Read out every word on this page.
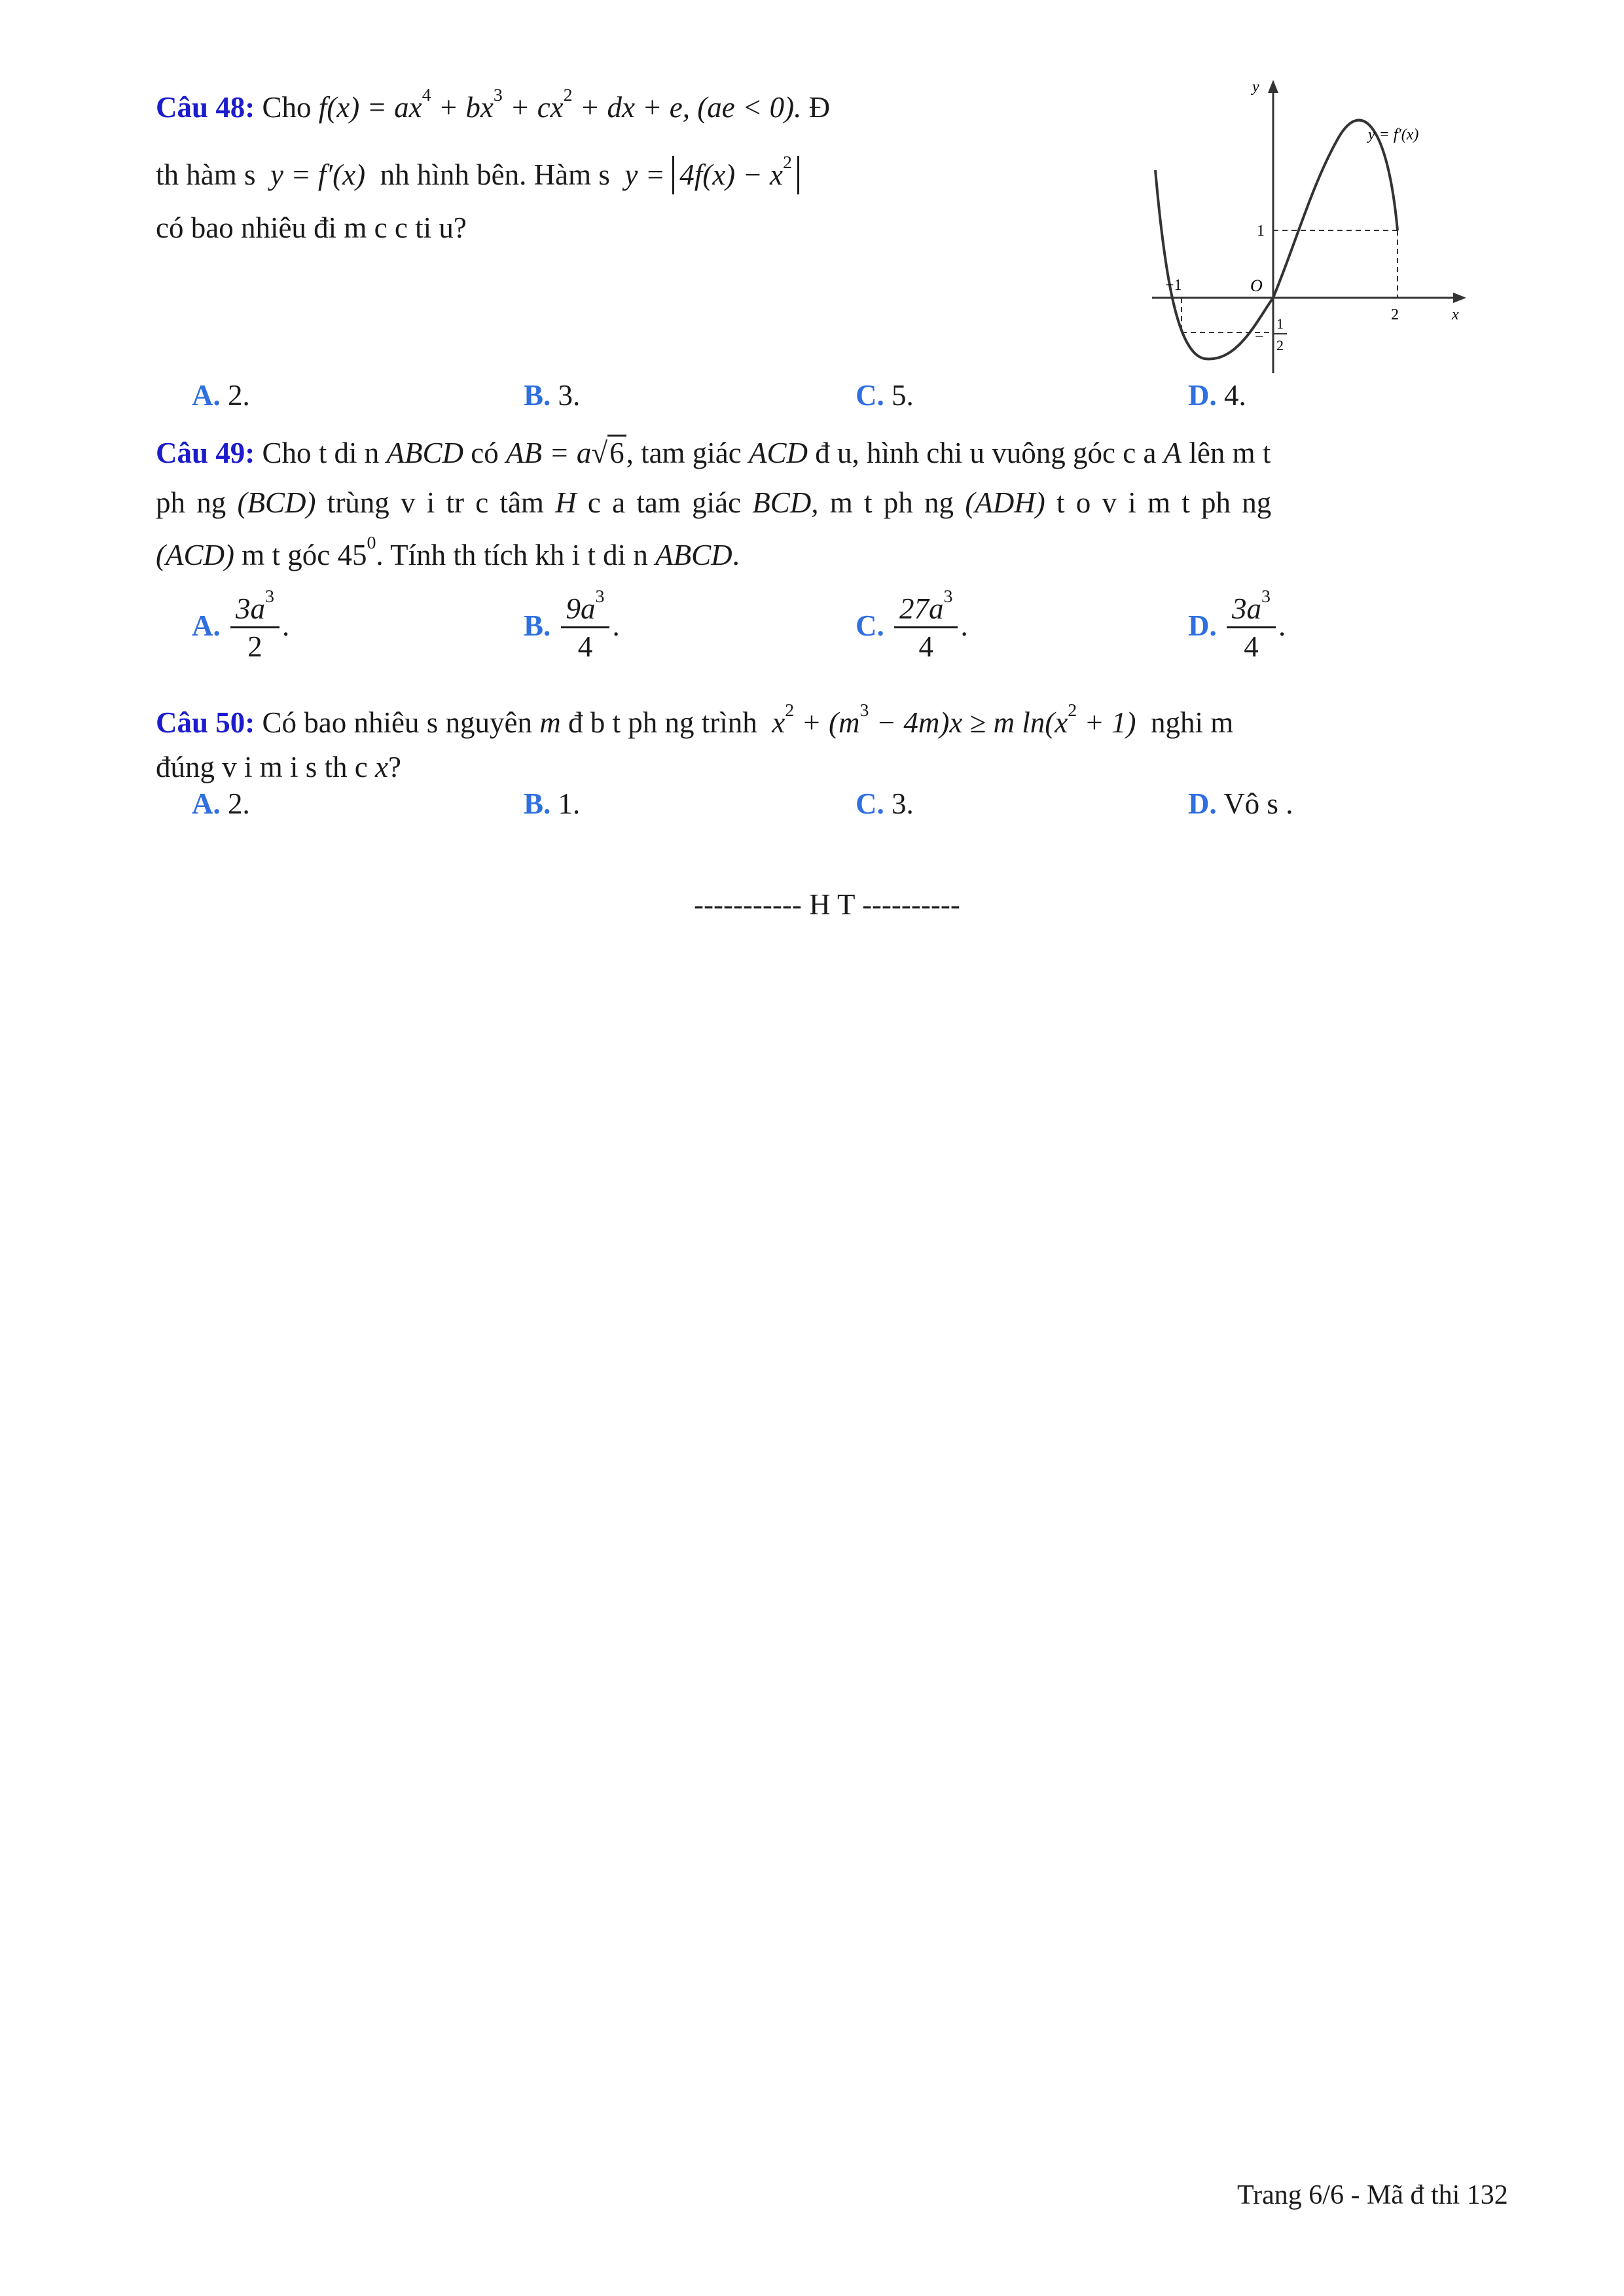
Câu 48: Cho $f(x) = ax^4 + bx^3 + cx^2$ + dx + e, (ae < 0). Đ
th hàm s y = f′(x) nh hình bên. Hàm s $y = 4f(x) - x^2$
có bao nhiêu đi m c c ti u?
y
x
O
1
−1
2
−
1
2
y = f′(x)
A. 2.	B. 3.	C. 5.	D. 4.
Câu 49: Cho t di n ABCD có AB = a√6, tam giác ACD đ u, hình chi u vuông góc c a A lên m t
ph ng (BCD) trùng v i tr c tâm H c a tam giác BCD, m t ph ng (ADH) t o v i m t ph ng
(ACD) m t góc $45^0$. Tính th tích kh i t di n ABCD.
A. $\frac{3a^3}{2}$ .	B. $\frac{9a^3}{4}$ .	C. $\frac{27a^3}{4}$ .	D. $\frac{3a^3}{4}$ .
Câu 50: Có bao nhiêu s nguyên m đ b t ph ng trình $x^2 + (m^3 - 4m)x \ge m$ $\ln(x^2 + 1)$ nghi m
đúng v i m i s th c x?
A. 2.	B. 1.	C. 3.	D. Vô s .
----------- H T ----------
Trang 6/6 - Mã đ thi 132
